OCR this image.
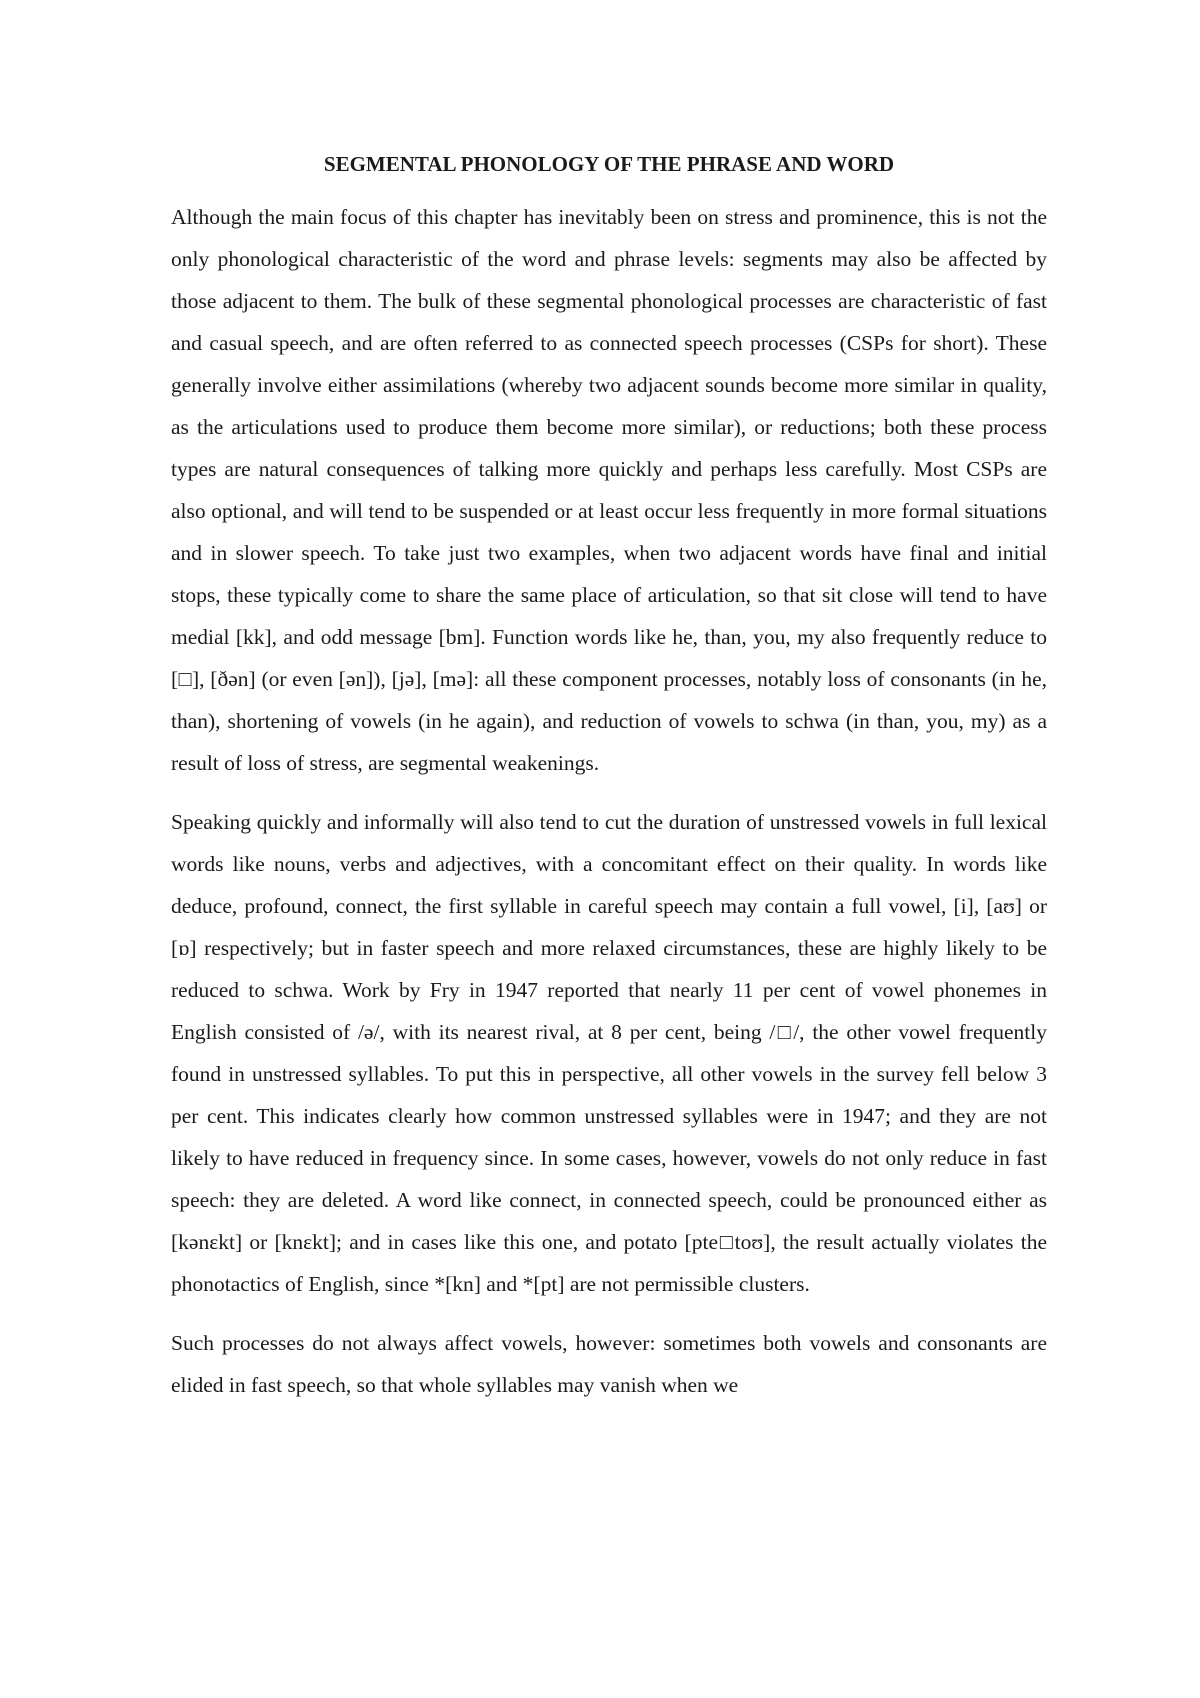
SEGMENTAL PHONOLOGY OF THE PHRASE AND WORD

Although the main focus of this chapter has inevitably been on stress and prominence, this is not the only phonological characteristic of the word and phrase levels: segments may also be affected by those adjacent to them. The bulk of these segmental phonological processes are characteristic of fast and casual speech, and are often referred to as connected speech processes (CSPs for short). These generally involve either assimilations (whereby two adjacent sounds become more similar in quality, as the articulations used to produce them become more similar), or reductions; both these process types are natural consequences of talking more quickly and perhaps less carefully. Most CSPs are also optional, and will tend to be suspended or at least occur less frequently in more formal situations and in slower speech. To take just two examples, when two adjacent words have final and initial stops, these typically come to share the same place of articulation, so that sit close will tend to have medial [kk], and odd message [bm]. Function words like he, than, you, my also frequently reduce to [□], [ðən] (or even [ən]), [jə], [mə]: all these component processes, notably loss of consonants (in he, than), shortening of vowels (in he again), and reduction of vowels to schwa (in than, you, my) as a result of loss of stress, are segmental weakenings.

Speaking quickly and informally will also tend to cut the duration of unstressed vowels in full lexical words like nouns, verbs and adjectives, with a concomitant effect on their quality. In words like deduce, profound, connect, the first syllable in careful speech may contain a full vowel, [i], [aʊ] or [ɒ] respectively; but in faster speech and more relaxed circumstances, these are highly likely to be reduced to schwa. Work by Fry in 1947 reported that nearly 11 per cent of vowel phonemes in English consisted of /ə/, with its nearest rival, at 8 per cent, being /□/, the other vowel frequently found in unstressed syllables. To put this in perspective, all other vowels in the survey fell below 3 per cent. This indicates clearly how common unstressed syllables were in 1947; and they are not likely to have reduced in frequency since. In some cases, however, vowels do not only reduce in fast speech: they are deleted. A word like connect, in connected speech, could be pronounced either as [kənɛkt] or [knɛkt]; and in cases like this one, and potato [pte□toʊ], the result actually violates the phonotactics of English, since *[kn] and *[pt] are not permissible clusters.

Such processes do not always affect vowels, however: sometimes both vowels and consonants are elided in fast speech, so that whole syllables may vanish when we
